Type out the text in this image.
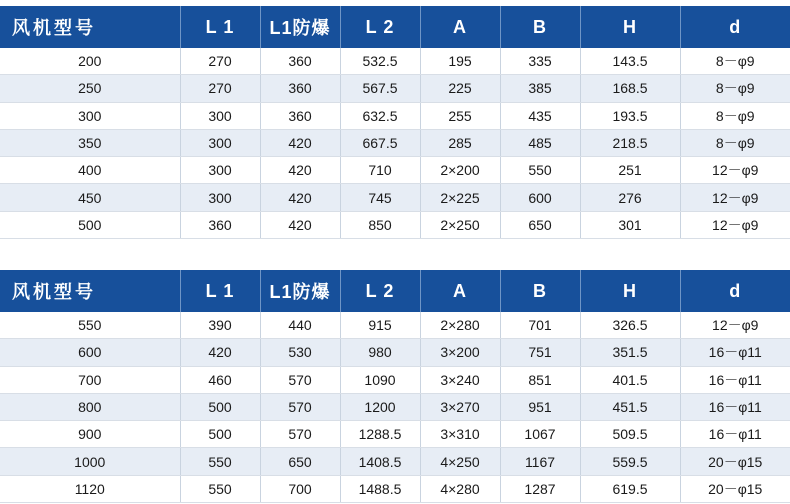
风机型号	L 1	L1防爆	L 2	A	B	H	d
200	270	360	532.5	195	335	143.5	8－φ9
250	270	360	567.5	225	385	168.5	8－φ9
300	300	360	632.5	255	435	193.5	8－φ9
350	300	420	667.5	285	485	218.5	8－φ9
400	300	420	710	2×200	550	251	12－φ9
450	300	420	745	2×225	600	276	12－φ9
500	360	420	850	2×250	650	301	12－φ9
风机型号	L 1	L1防爆	L 2	A	B	H	d
550	390	440	915	2×280	701	326.5	12－φ9
600	420	530	980	3×200	751	351.5	16－φ11
700	460	570	1090	3×240	851	401.5	16－φ11
800	500	570	1200	3×270	951	451.5	16－φ11
900	500	570	1288.5	3×310	1067	509.5	16－φ11
1000	550	650	1408.5	4×250	1167	559.5	20－φ15
1120	550	700	1488.5	4×280	1287	619.5	20－φ15
